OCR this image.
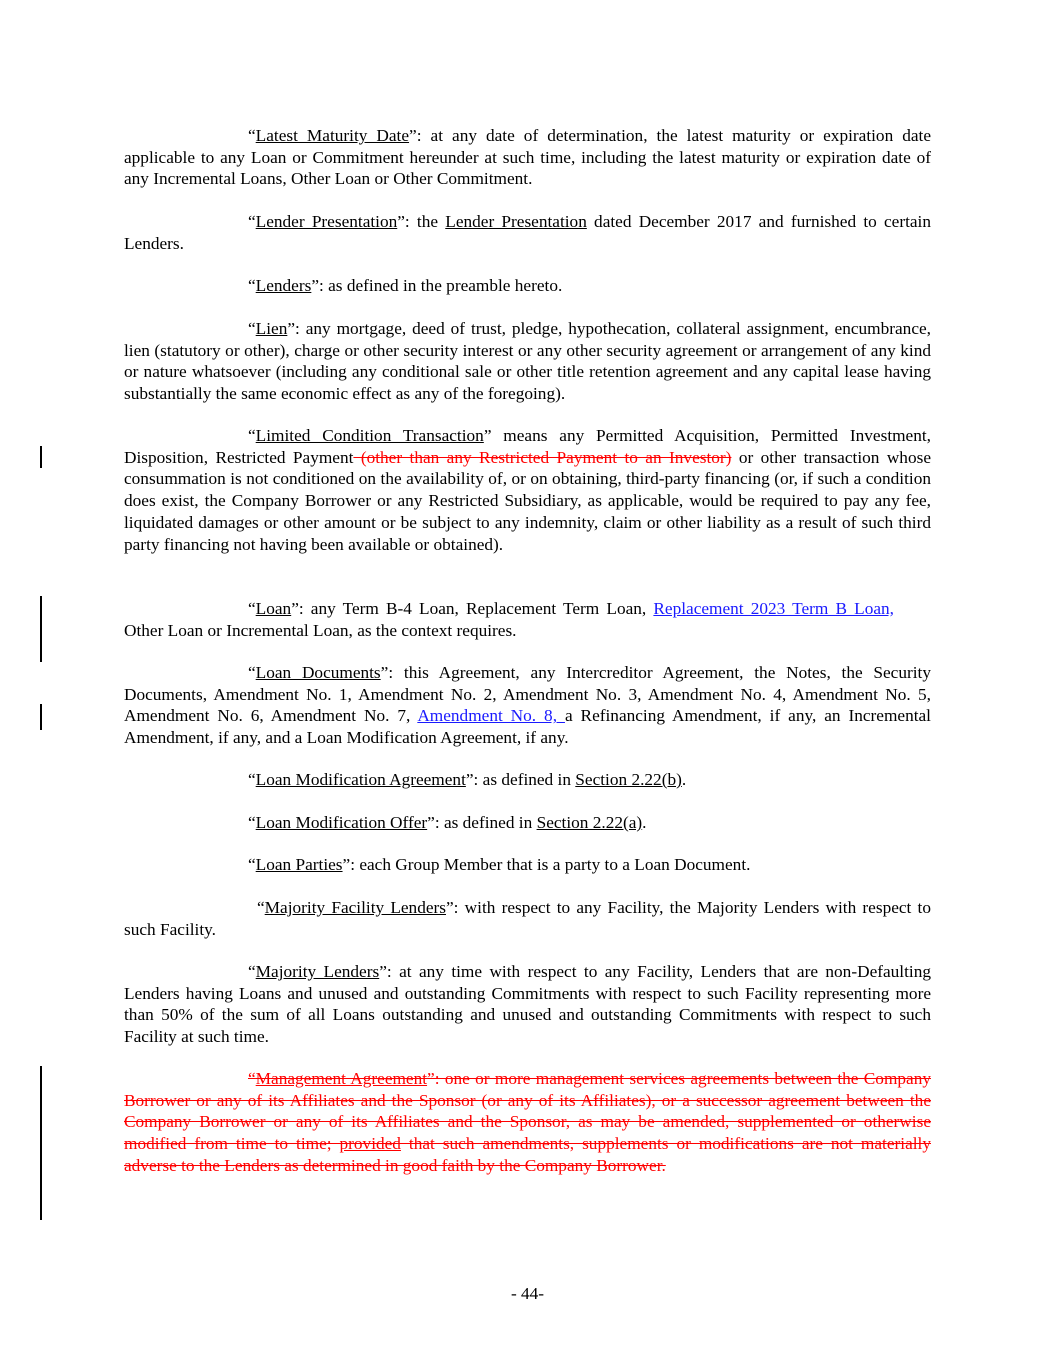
“Latest Maturity Date”: at any date of determination, the latest maturity or expiration date applicable to any Loan or Commitment hereunder at such time, including the latest maturity or expiration date of any Incremental Loans, Other Loan or Other Commitment.

“Lender Presentation”: the Lender Presentation dated December 2017 and furnished to certain Lenders.

“Lenders”: as defined in the preamble hereto.

“Lien”: any mortgage, deed of trust, pledge, hypothecation, collateral assignment, encumbrance, lien (statutory or other), charge or other security interest or any other security agreement or arrangement of any kind or nature whatsoever (including any conditional sale or other title retention agreement and any capital lease having substantially the same economic effect as any of the foregoing).

“Limited Condition Transaction” means any Permitted Acquisition, Permitted Investment, Disposition, Restricted Payment (other than any Restricted Payment to an Investor) or other transaction whose consummation is not conditioned on the availability of, or on obtaining, third-party financing (or, if such a condition does exist, the Company Borrower or any Restricted Subsidiary, as applicable, would be required to pay any fee, liquidated damages or other amount or be subject to any indemnity, claim or other liability as a result of such third party financing not having been available or obtained).

“Loan”: any Term B-4 Loan, Replacement Term Loan, Replacement 2023 Term B Loan, Other Loan or Incremental Loan, as the context requires.

“Loan Documents”: this Agreement, any Intercreditor Agreement, the Notes, the Security Documents, Amendment No. 1, Amendment No. 2, Amendment No. 3, Amendment No. 4, Amendment No. 5, Amendment No. 6, Amendment No. 7, Amendment No. 8, a Refinancing Amendment, if any, an Incremental Amendment, if any, and a Loan Modification Agreement, if any.

“Loan Modification Agreement”: as defined in Section 2.22(b).

“Loan Modification Offer”: as defined in Section 2.22(a).

“Loan Parties”: each Group Member that is a party to a Loan Document.

“Majority Facility Lenders”: with respect to any Facility, the Majority Lenders with respect to such Facility.

“Majority Lenders”: at any time with respect to any Facility, Lenders that are non-Defaulting Lenders having Loans and unused and outstanding Commitments with respect to such Facility representing more than 50% of the sum of all Loans outstanding and unused and outstanding Commitments with respect to such Facility at such time.

“Management Agreement”: one or more management services agreements between the Company Borrower or any of its Affiliates and the Sponsor (or any of its Affiliates), or a successor agreement between the Company Borrower or any of its Affiliates and the Sponsor, as may be amended, supplemented or otherwise modified from time to time; provided that such amendments, supplements or modifications are not materially adverse to the Lenders as determined in good faith by the Company Borrower.

- 44-
